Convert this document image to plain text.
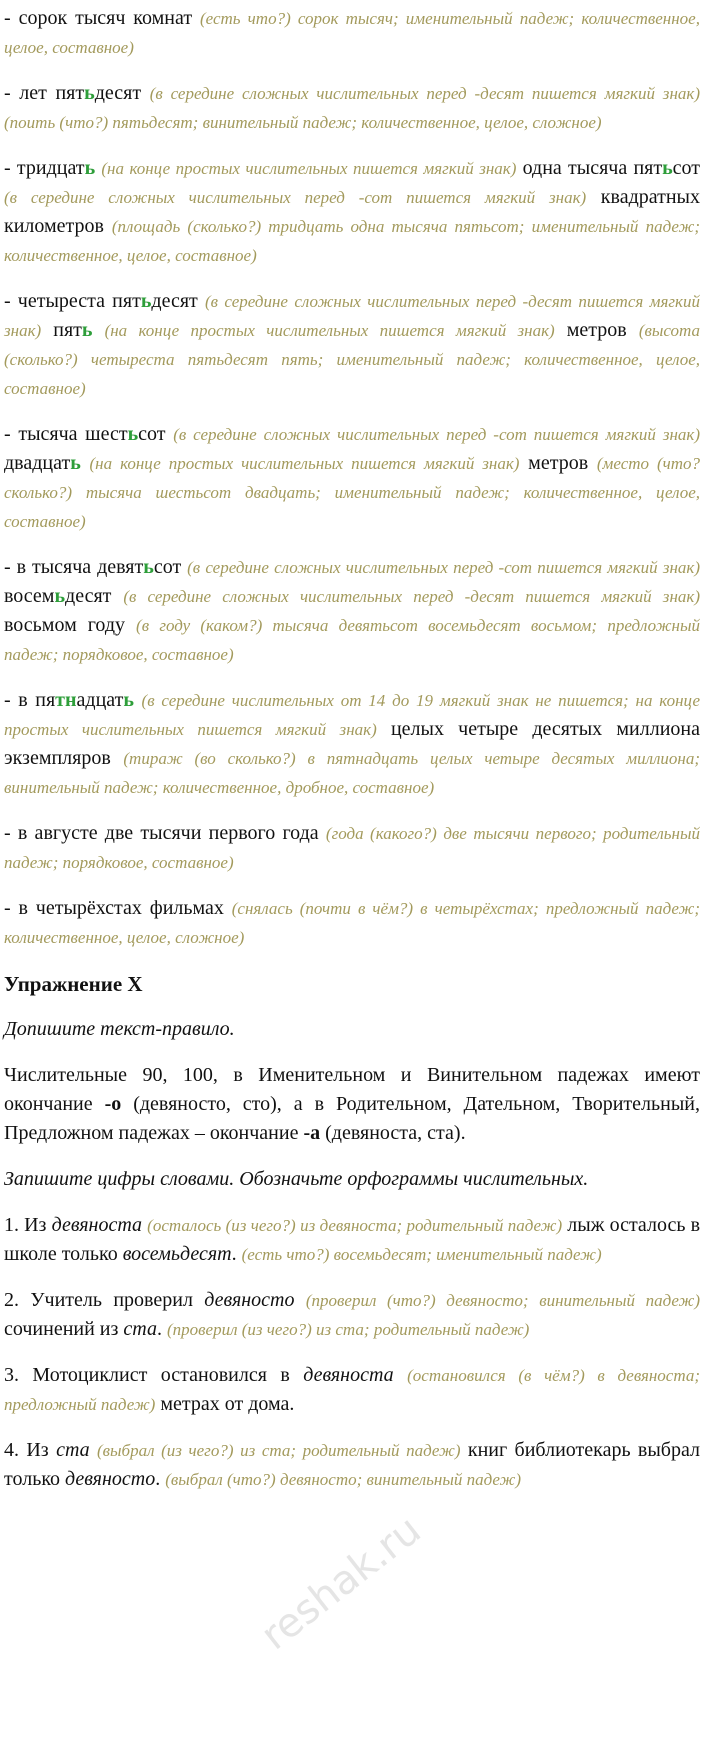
- сорок тысяч комнат (есть что?) сорок тысяч; именительный падеж; количественное, целое, составное)
- лет пятьдесят (в середине сложных числительных перед -десят пишется мягкий знак) (поить (что?) пятьдесят; винительный падеж; количественное, целое, сложное)
- тридцать (на конце простых числительных пишется мягкий знак) одна тысяча пятьсот (в середине сложных числительных перед -сот пишется мягкий знак) квадратных километров (площадь (сколько?) тридцать одна тысяча пятьсот; именительный падеж; количественное, целое, составное)
- четыреста пятьдесят (в середине сложных числительных перед -десят пишется мягкий знак) пять (на конце простых числительных пишется мягкий знак) метров (высота (сколько?) четыреста пятьдесят пять; именительный падеж; количественное, целое, составное)
- тысяча шестьсот (в середине сложных числительных перед -сот пишется мягкий знак) двадцать (на конце простых числительных пишется мягкий знак) метров (место (что? сколько?) тысяча шестьсот двадцать; именительный падеж; количественное, целое, составное)
- в тысяча девятьсот (в середине сложных числительных перед -сот пишется мягкий знак) восемьдесят (в середине сложных числительных перед -десят пишется мягкий знак) восьмом году (в году (каком?) тысяча девятьсот восемьдесят восьмом; предложный падеж; порядковое, составное)
- в пятнадцать (в середине числительных от 14 до 19 мягкий знак не пишется; на конце простых числительных пишется мягкий знак) целых четыре десятых миллиона экземпляров (тираж (во сколько?) в пятнадцать целых четыре десятых миллиона; винительный падеж; количественное, дробное, составное)
- в августе две тысячи первого года (года (какого?) две тысячи первого; родительный падеж; порядковое, составное)
- в четырёхстах фильмах (снялась (почти в чём?) в четырёхстах; предложный падеж; количественное, целое, сложное)
Упражнение X
Допишите текст-правило.
Числительные 90, 100, в Именительном и Винительном падежах имеют окончание -о (девяносто, сто), а в Родительном, Дательном, Творительный, Предложном падежах – окончание -а (девяноста, ста).
Запишите цифры словами. Обозначьте орфограммы числительных.
1. Из девяноста (осталось (из чего?) из девяноста; родительный падеж) лыж осталось в школе только восемьдесят. (есть что?) восемьдесят; именительный падеж)
2. Учитель проверил девяносто (проверил (что?) девяносто; винительный падеж) сочинений из ста. (проверил (из чего?) из ста; родительный падеж)
3. Мотоциклист остановился в девяноста (остановился (в чём?) в девяноста; предложный падеж) метрах от дома.
4. Из ста (выбрал (из чего?) из ста; родительный падеж) книг библиотекарь выбрал только девяносто. (выбрал (что?) девяносто; винительный падеж)
reshak.ru
